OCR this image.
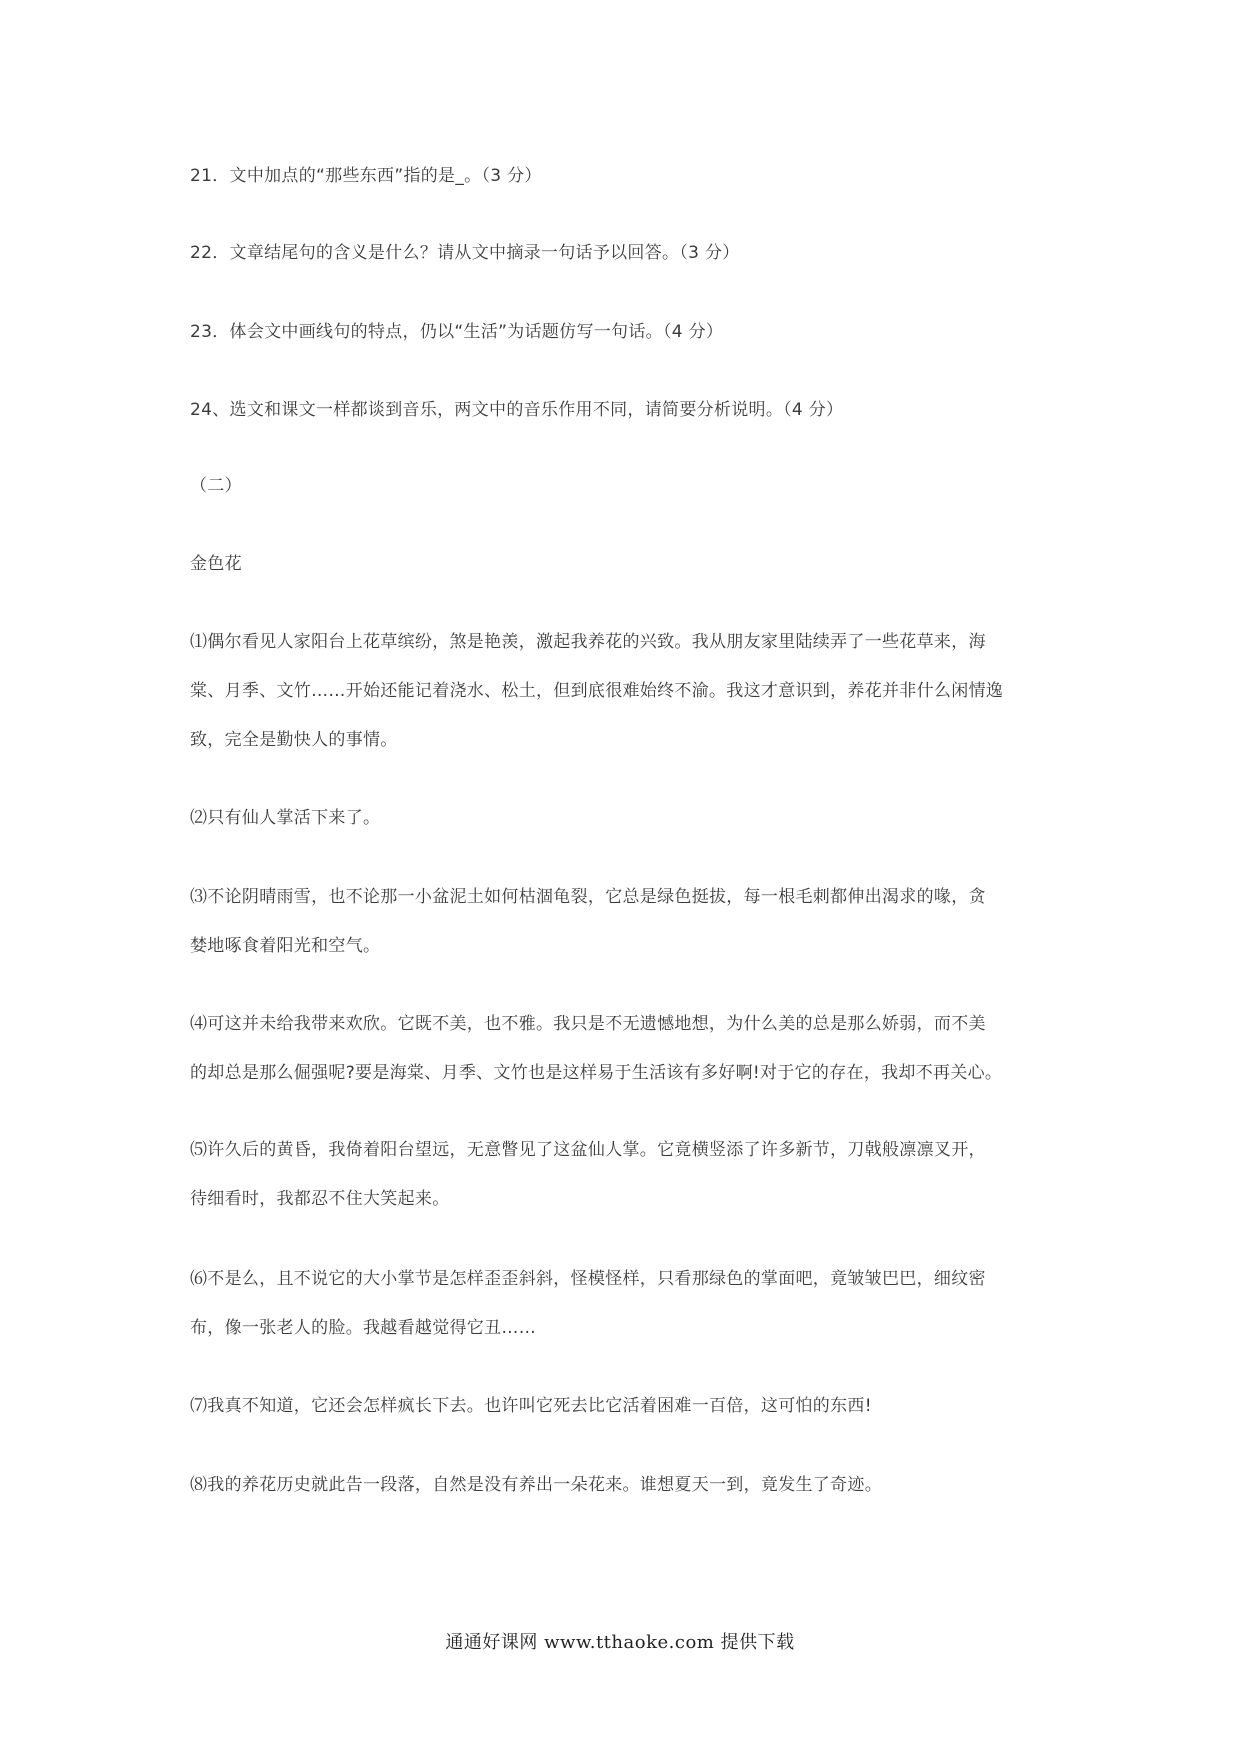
21．文中加点的“那些东西”指的是_。（3 分）
22．文章结尾句的含义是什么？请从文中摘录一句话予以回答。（3 分）
23．体会文中画线句的特点，仍以“生活”为话题仿写一句话。（4 分）
24、选文和课文一样都谈到音乐，两文中的音乐作用不同，请简要分析说明。（4 分）
（二）
金色花
⑴偶尔看见人家阳台上花草缤纷，煞是艳羡，激起我养花的兴致。我从朋友家里陆续弄了一些花草来，海
棠、月季、文竹……开始还能记着浇水、松土，但到底很难始终不渝。我这才意识到，养花并非什么闲情逸
致，完全是勤快人的事情。
⑵只有仙人掌活下来了。
⑶不论阴晴雨雪，也不论那一小盆泥土如何枯涸龟裂，它总是绿色挺拔，每一根毛刺都伸出渴求的喙，贪
婪地啄食着阳光和空气。
⑷可这并未给我带来欢欣。它既不美，也不雅。我只是不无遗憾地想，为什么美的总是那么娇弱，而不美
的却总是那么倔强呢?要是海棠、月季、文竹也是这样易于生活该有多好啊!对于它的存在，我却不再关心。
⑸许久后的黄昏，我倚着阳台望远，无意瞥见了这盆仙人掌。它竟横竖添了许多新节，刀戟般凛凛叉开，
待细看时，我都忍不住大笑起来。
⑹不是么，且不说它的大小掌节是怎样歪歪斜斜，怪模怪样，只看那绿色的掌面吧，竟皱皱巴巴，细纹密
布，像一张老人的脸。我越看越觉得它丑……
⑺我真不知道，它还会怎样疯长下去。也许叫它死去比它活着困难一百倍，这可怕的东西!
⑻我的养花历史就此告一段落，自然是没有养出一朵花来。谁想夏天一到，竟发生了奇迹。
通通好课网 www.tthaoke.com 提供下载
